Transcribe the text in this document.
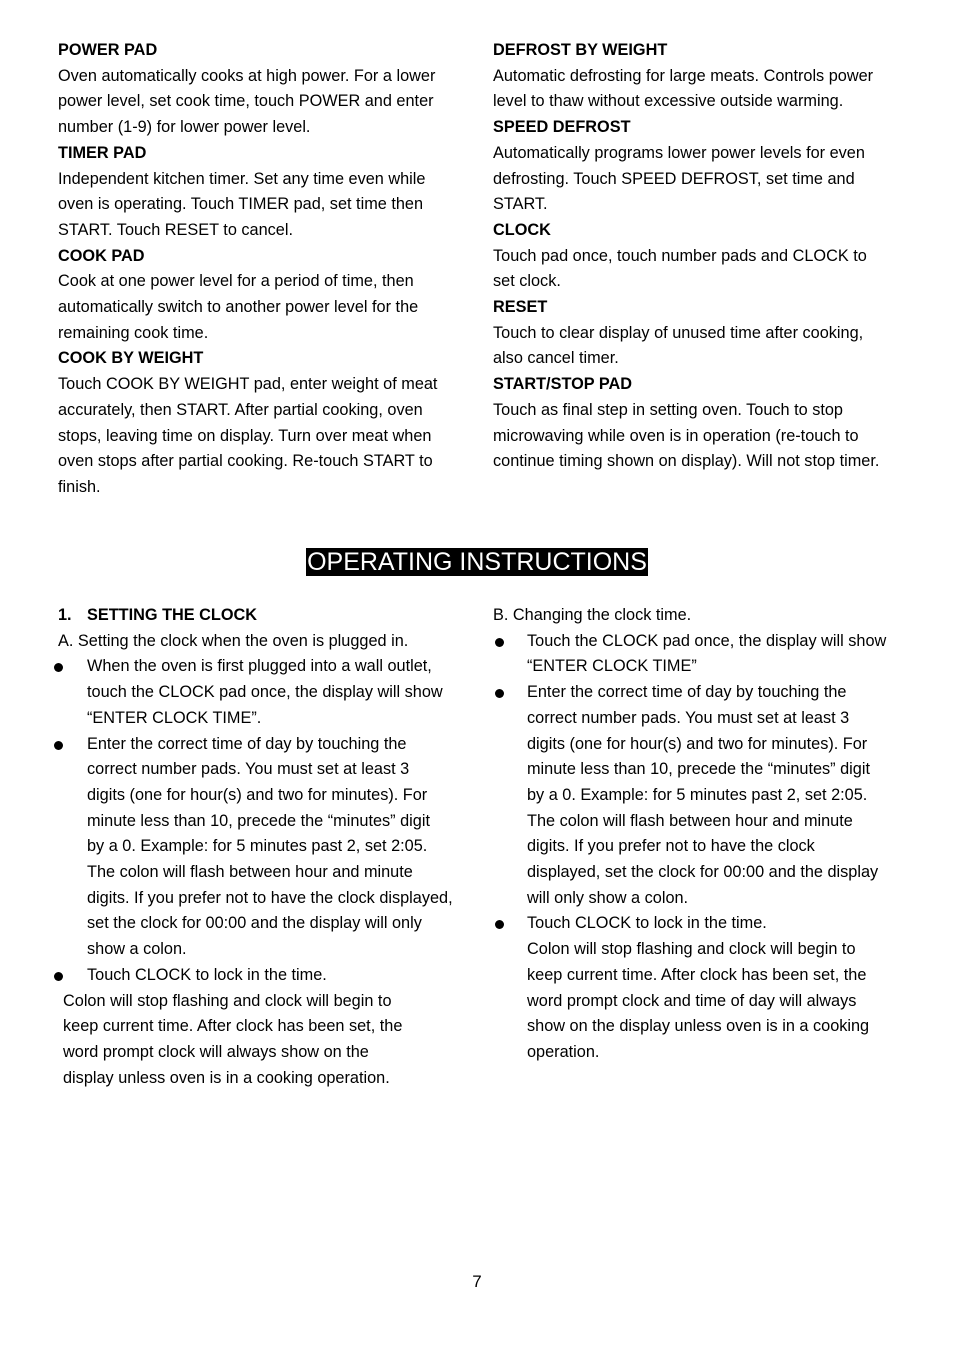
POWER PAD

Oven automatically cooks at high power. For a lower
power level, set cook time, touch POWER and enter
number (1-9) for lower power level.

TIMER PAD

Independent kitchen timer. Set any time even while
oven is operating. Touch TIMER pad, set time then
START. Touch RESET to cancel.

COOK PAD

Cook at one power level for a period of time, then
automatically switch to another power level for the
remaining cook time.

COOK BY WEIGHT

Touch COOK BY WEIGHT pad, enter weight of meat
accurately, then START. After partial cooking, oven
stops, leaving time on display. Turn over meat when
oven stops after partial cooking. Re-touch START to
finish.

DEFROST BY WEIGHT

Automatic defrosting for large meats. Controls power
level to thaw without excessive outside warming.

SPEED DEFROST

Automatically programs lower power levels for even
defrosting. Touch SPEED DEFROST, set time and
START.

CLOCK

Touch pad once, touch number pads and CLOCK to
set clock.

RESET

Touch to clear display of unused time after cooking,
also cancel timer.

START/STOP PAD

Touch as final step in setting oven. Touch to stop
microwaving while oven is in operation (re-touch to
continue timing shown on display). Will not stop timer.

OPERATING INSTRUCTIONS

1. SETTING THE CLOCK

A. Setting the clock when the oven is plugged in.

When the oven is first plugged into a wall outlet,
touch the CLOCK pad once, the display will show
“ENTER CLOCK TIME”.
Enter the correct time of day by touching the
correct number pads. You must set at least 3
digits (one for hour(s) and two for minutes). For
minute less than 10, precede the “minutes” digit
by a 0. Example: for 5 minutes past 2, set 2:05.
The colon will flash between hour and minute
digits. If you prefer not to have the clock displayed,
set the clock for 00:00 and the display will only
show a colon.
Touch CLOCK to lock in the time.
Colon will stop flashing and clock will begin to
keep current time. After clock has been set, the
word prompt clock will always show on the
display unless oven is in a cooking operation.

B. Changing the clock time.

Touch the CLOCK pad once, the display will show
“ENTER CLOCK TIME”
Enter the correct time of day by touching the
correct number pads. You must set at least 3
digits (one for hour(s) and two for minutes). For
minute less than 10, precede the “minutes” digit
by a 0. Example: for 5 minutes past 2, set 2:05.
The colon will flash between hour and minute
digits. If you prefer not to have the clock
displayed, set the clock for 00:00 and the display
will only show a colon.
Touch CLOCK to lock in the time.
Colon will stop flashing and clock will begin to
keep current time. After clock has been set, the
word prompt clock and time of day will always
show on the display unless oven is in a cooking
operation.
7
